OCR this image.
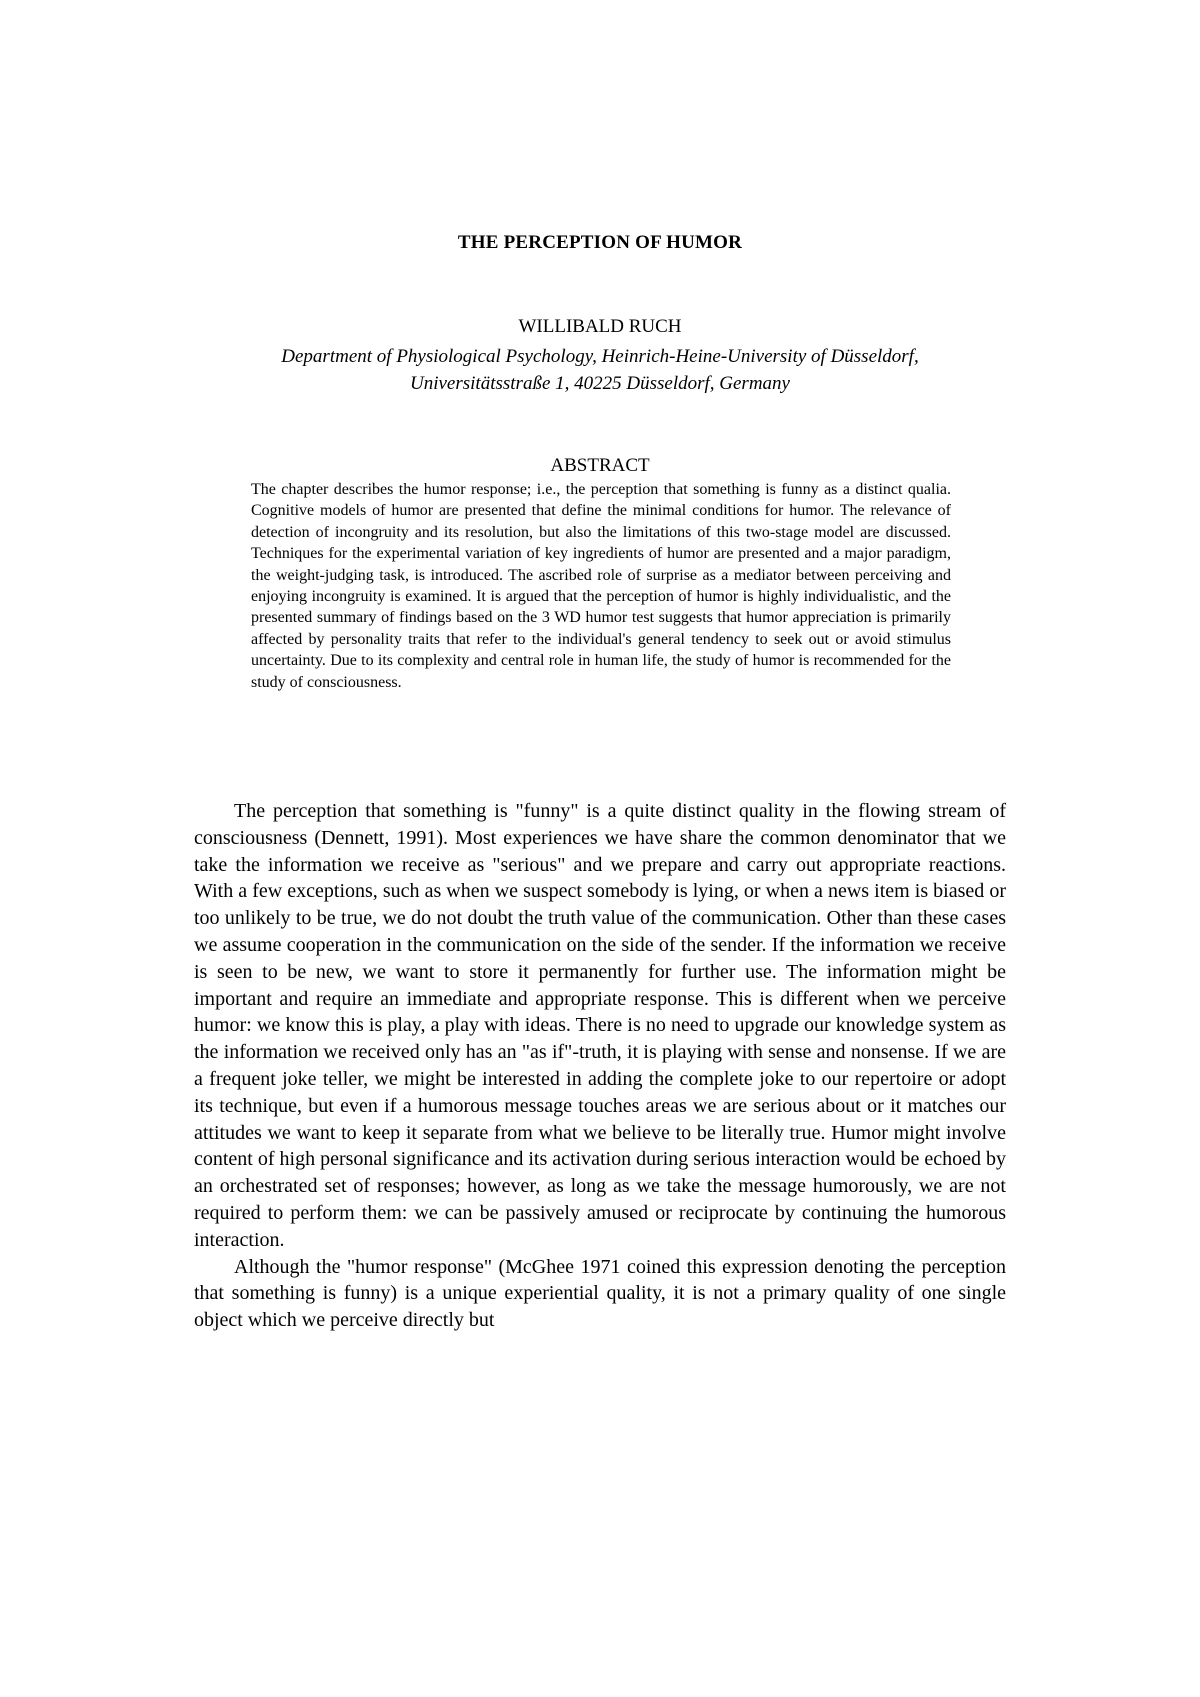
THE PERCEPTION OF HUMOR
WILLIBALD RUCH
Department of Physiological Psychology, Heinrich-Heine-University of Düsseldorf, Universitätsstraße 1, 40225 Düsseldorf, Germany
ABSTRACT
The chapter describes the humor response; i.e., the perception that something is funny as a distinct qualia. Cognitive models of humor are presented that define the minimal conditions for humor. The relevance of detection of incongruity and its resolution, but also the limitations of this two-stage model are discussed. Techniques for the experimental variation of key ingredients of humor are presented and a major paradigm, the weight-judging task, is introduced. The ascribed role of surprise as a mediator between perceiving and enjoying incongruity is examined. It is argued that the perception of humor is highly individualistic, and the presented summary of findings based on the 3 WD humor test suggests that humor appreciation is primarily affected by personality traits that refer to the individual's general tendency to seek out or avoid stimulus uncertainty. Due to its complexity and central role in human life, the study of humor is recommended for the study of consciousness.

The perception that something is "funny" is a quite distinct quality in the flowing stream of consciousness (Dennett, 1991). Most experiences we have share the common denominator that we take the information we receive as "serious" and we prepare and carry out appropriate reactions. With a few exceptions, such as when we suspect somebody is lying, or when a news item is biased or too unlikely to be true, we do not doubt the truth value of the communication. Other than these cases we assume cooperation in the communication on the side of the sender. If the information we receive is seen to be new, we want to store it permanently for further use. The information might be important and require an immediate and appropriate response. This is different when we perceive humor: we know this is play, a play with ideas. There is no need to upgrade our knowledge system as the information we received only has an "as if"-truth, it is playing with sense and nonsense. If we are a frequent joke teller, we might be interested in adding the complete joke to our repertoire or adopt its technique, but even if a humorous message touches areas we are serious about or it matches our attitudes we want to keep it separate from what we believe to be literally true. Humor might involve content of high personal significance and its activation during serious interaction would be echoed by an orchestrated set of responses; however, as long as we take the message humorously, we are not required to perform them: we can be passively amused or reciprocate by continuing the humorous interaction.

Although the "humor response" (McGhee 1971 coined this expression denoting the perception that something is funny) is a unique experiential quality, it is not a primary quality of one single object which we perceive directly but
